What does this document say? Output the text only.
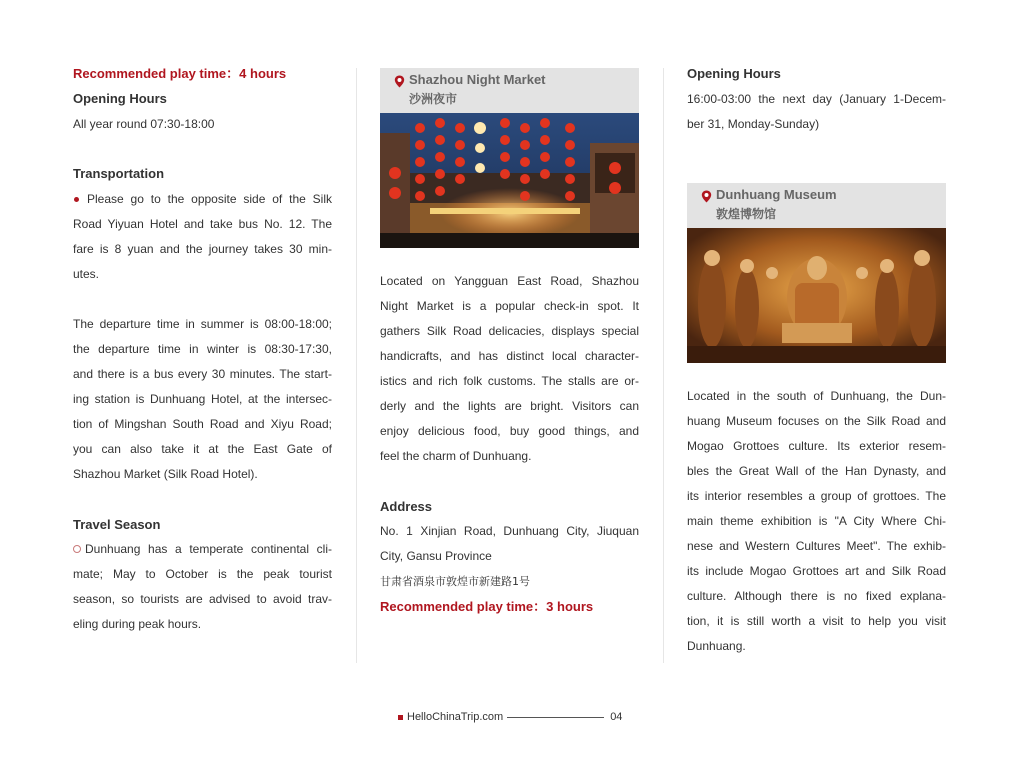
Recommended play time：4 hours
Opening Hours
All year round 07:30-18:00
Transportation
Please go to the opposite side of the Silk
Road Yiyuan Hotel and take bus No. 12. The
fare is 8 yuan and the journey takes 30 min-
utes.
The departure time in summer is 08:00-18:00;
the departure time in winter is 08:30-17:30,
and there is a bus every 30 minutes. The start-
ing station is Dunhuang Hotel, at the intersec-
tion of Mingshan South Road and Xiyu Road;
you can also take it at the East Gate of
Shazhou Market (Silk Road Hotel).
Travel Season
Dunhuang has a temperate continental cli-
mate; May to October is the peak tourist
season, so tourists are advised to avoid trav-
eling during peak hours.
Shazhou Night Market
沙洲夜市
Located on Yangguan East Road, Shazhou
Night Market is a popular check-in spot. It
gathers Silk Road delicacies, displays special
handicrafts, and has distinct local character-
istics and rich folk customs. The stalls are or-
derly and the lights are bright. Visitors can
enjoy delicious food, buy good things, and
feel the charm of Dunhuang.
Address
No. 1 Xinjian Road, Dunhuang City, Jiuquan
City, Gansu Province
甘肃省酒泉市敦煌市新建路1号
Recommended play time：3 hours
Opening Hours
16:00-03:00 the next day (January 1-Decem-
ber 31, Monday-Sunday)
Dunhuang Museum
敦煌博物馆
Located in the south of Dunhuang, the Dun-
huang Museum focuses on the Silk Road and
Mogao Grottoes culture. Its exterior resem-
bles the Great Wall of the Han Dynasty, and
its interior resembles a group of grottoes. The
main theme exhibition is "A City Where Chi-
nese and Western Cultures Meet". The exhib-
its include Mogao Grottoes art and Silk Road
culture. Although there is no fixed explana-
tion, it is still worth a visit to help you visit
Dunhuang.
HelloChinaTrip.com	04
